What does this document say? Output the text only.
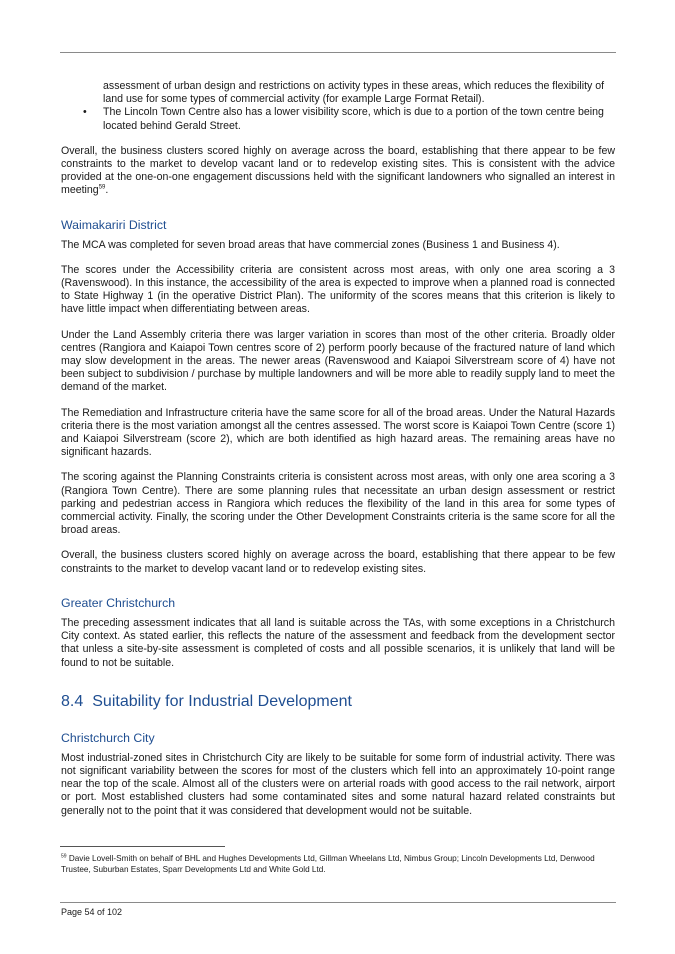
assessment of urban design and restrictions on activity types in these areas, which reduces the flexibility of land use for some types of commercial activity (for example Large Format Retail).

•	The Lincoln Town Centre also has a lower visibility score, which is due to a portion of the town centre being located behind Gerald Street.

Overall, the business clusters scored highly on average across the board, establishing that there appear to be few constraints to the market to develop vacant land or to redevelop existing sites. This is consistent with the advice provided at the one-on-one engagement discussions held with the significant landowners who signalled an interest in meeting$^{59}$.

Waimakariri District

The MCA was completed for seven broad areas that have commercial zones (Business 1 and Business 4).

The scores under the Accessibility criteria are consistent across most areas, with only one area scoring a 3 (Ravenswood). In this instance, the accessibility of the area is expected to improve when a planned road is connected to State Highway 1 (in the operative District Plan). The uniformity of the scores means that this criterion is likely to have little impact when differentiating between areas.

Under the Land Assembly criteria there was larger variation in scores than most of the other criteria. Broadly older centres (Rangiora and Kaiapoi Town centres score of 2) perform poorly because of the fractured nature of land which may slow development in the areas. The newer areas (Ravenswood and Kaiapoi Silverstream score of 4) have not been subject to subdivision / purchase by multiple landowners and will be more able to readily supply land to meet the demand of the market.

The Remediation and Infrastructure criteria have the same score for all of the broad areas. Under the Natural Hazards criteria there is the most variation amongst all the centres assessed. The worst score is Kaiapoi Town Centre (score 1) and Kaiapoi Silverstream (score 2), which are both identified as high hazard areas. The remaining areas have no significant hazards.

The scoring against the Planning Constraints criteria is consistent across most areas, with only one area scoring a 3 (Rangiora Town Centre). There are some planning rules that necessitate an urban design assessment or restrict parking and pedestrian access in Rangiora which reduces the flexibility of the land in this area for some types of commercial activity. Finally, the scoring under the Other Development Constraints criteria is the same score for all the broad areas.

Overall, the business clusters scored highly on average across the board, establishing that there appear to be few constraints to the market to develop vacant land or to redevelop existing sites.

Greater Christchurch

The preceding assessment indicates that all land is suitable across the TAs, with some exceptions in a Christchurch City context. As stated earlier, this reflects the nature of the assessment and feedback from the development sector that unless a site-by-site assessment is completed of costs and all possible scenarios, it is unlikely that land will be found to not be suitable.

8.4 Suitability for Industrial Development
Christchurch City

Most industrial-zoned sites in Christchurch City are likely to be suitable for some form of industrial activity. There was not significant variability between the scores for most of the clusters which fell into an approximately 10-point range near the top of the scale. Almost all of the clusters were on arterial roads with good access to the rail network, airport or port. Most established clusters had some contaminated sites and some natural hazard related constraints but generally not to the point that it was considered that development would not be suitable.

$^{59}$ Davie Lovell-Smith on behalf of BHL and Hughes Developments Ltd, Gillman Wheelans Ltd, Nimbus Group; Lincoln Developments Ltd, Denwood Trustee, Suburban Estates, Sparr Developments Ltd and White Gold Ltd.
Page 54 of 102
